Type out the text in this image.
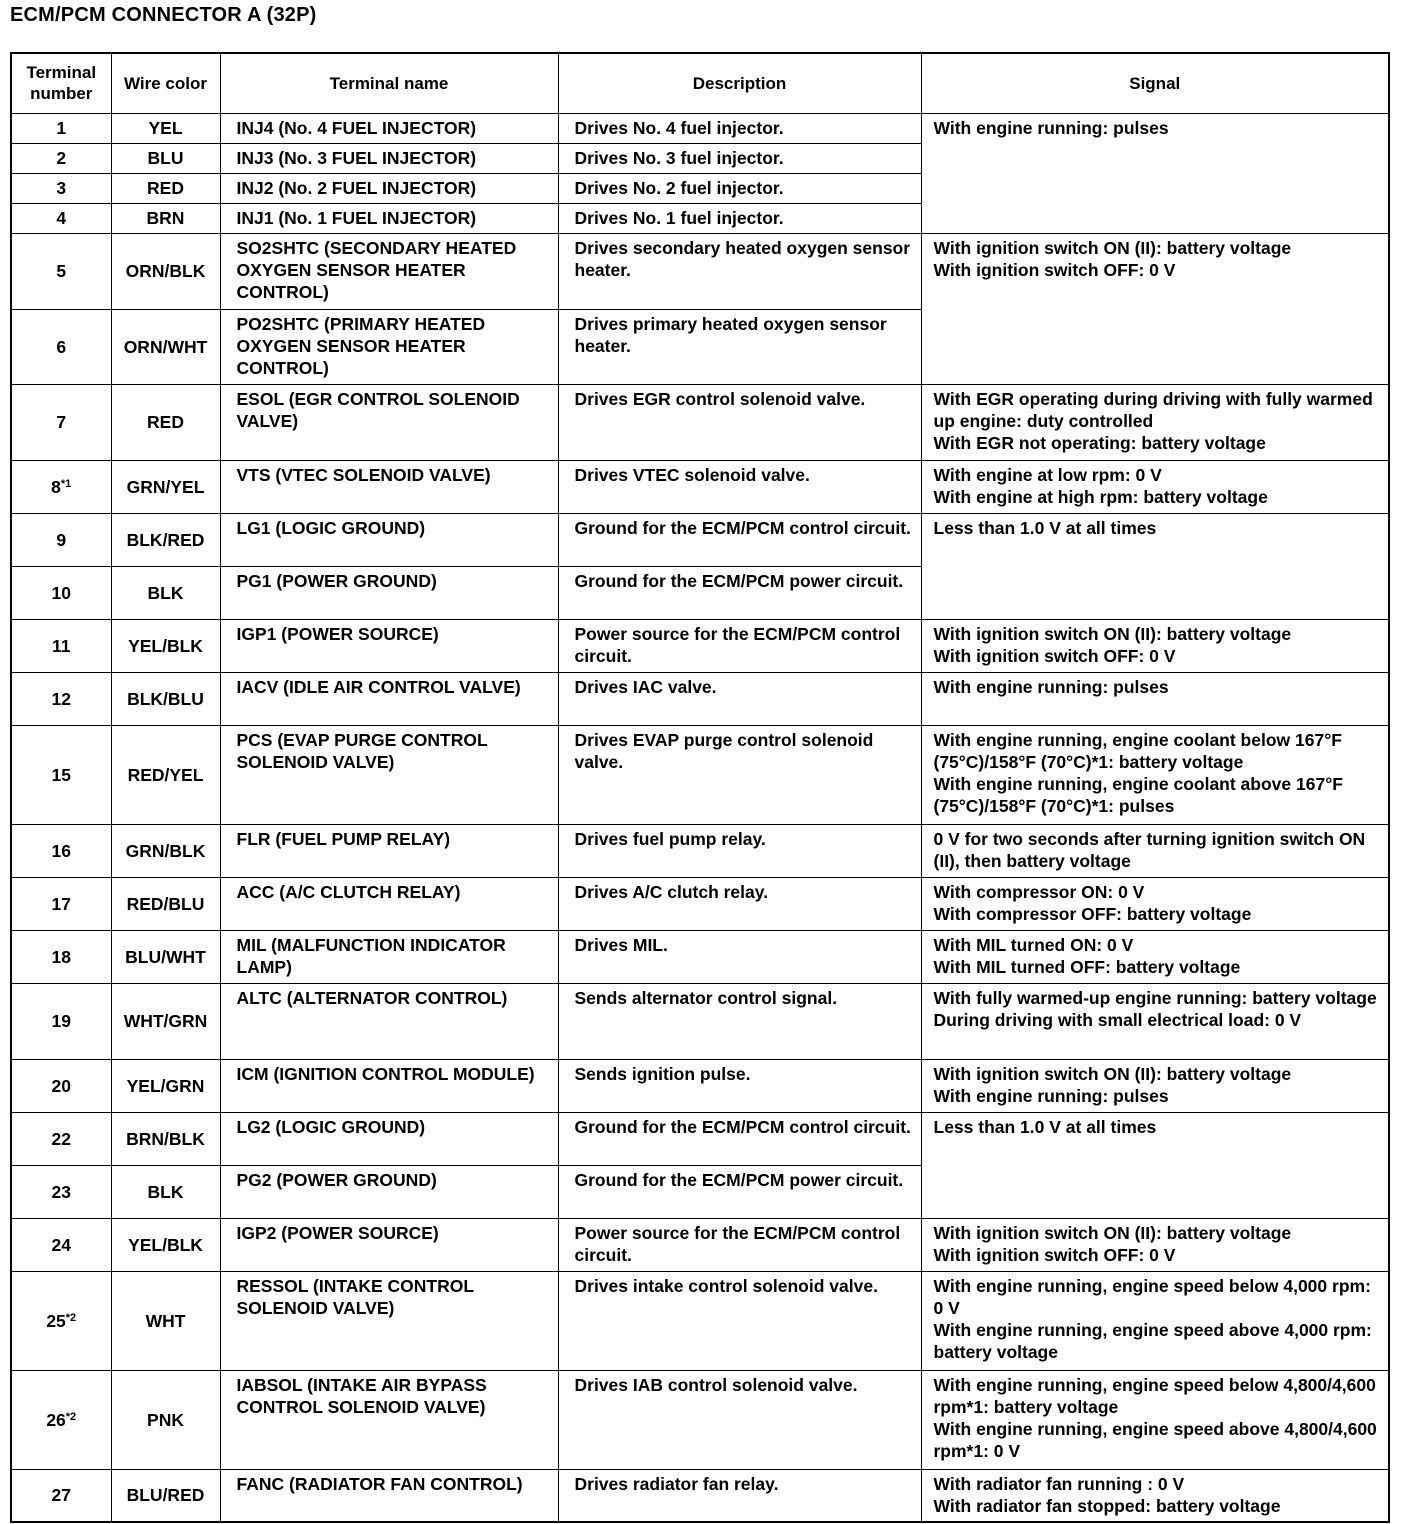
ECM/PCM CONNECTOR A (32P)
Terminal number	Wire color	Terminal name	Description	Signal
1	YEL	INJ4 (No. 4 FUEL INJECTOR)	Drives No. 4 fuel injector.	With engine running: pulses

2	BLU	INJ3 (No. 3 FUEL INJECTOR)	Drives No. 3 fuel injector.	
3	RED	INJ2 (No. 2 FUEL INJECTOR)	Drives No. 2 fuel injector.	
4	BRN	INJ1 (No. 1 FUEL INJECTOR)	Drives No. 1 fuel injector.	
5	ORN/BLK	SO2SHTC (SECONDARY HEATED OXYGEN SENSOR HEATER CONTROL)	Drives secondary heated oxygen sensor heater.	With ignition switch ON (II): battery voltage
With ignition switch OFF: 0 V

6	ORN/WHT	PO2SHTC (PRIMARY HEATED OXYGEN SENSOR HEATER CONTROL)	Drives primary heated oxygen sensor heater.	
7	RED	ESOL (EGR CONTROL SOLENOID VALVE)	Drives EGR control solenoid valve.	With EGR operating during driving with fully warmed up engine: duty controlled
With EGR not operating: battery voltage

8$^{*1}$	GRN/YEL	VTS (VTEC SOLENOID VALVE)	Drives VTEC solenoid valve.	With engine at low rpm: 0 V
With engine at high rpm: battery voltage

9	BLK/RED	LG1 (LOGIC GROUND)	Ground for the ECM/PCM control circuit.	Less than 1.0 V at all times

10	BLK	PG1 (POWER GROUND)	Ground for the ECM/PCM power circuit.	
11	YEL/BLK	IGP1 (POWER SOURCE)	Power source for the ECM/PCM control circuit.	With ignition switch ON (II): battery voltage
With ignition switch OFF: 0 V

12	BLK/BLU	IACV (IDLE AIR CONTROL VALVE)	Drives IAC valve.	With engine running: pulses

15	RED/YEL	PCS (EVAP PURGE CONTROL SOLENOID VALVE)	Drives EVAP purge control solenoid valve.	With engine running, engine coolant below 167°F (75°C)/158°F (70°C)*1: battery voltage
With engine running, engine coolant above 167°F (75°C)/158°F (70°C)*1: pulses

16	GRN/BLK	FLR (FUEL PUMP RELAY)	Drives fuel pump relay.	0 V for two seconds after turning ignition switch ON (II), then battery voltage

17	RED/BLU	ACC (A/C CLUTCH RELAY)	Drives A/C clutch relay.	With compressor ON: 0 V
With compressor OFF: battery voltage

18	BLU/WHT	MIL (MALFUNCTION INDICATOR LAMP)	Drives MIL.	With MIL turned ON: 0 V
With MIL turned OFF: battery voltage

19	WHT/GRN	ALTC (ALTERNATOR CONTROL)	Sends alternator control signal.	With fully warmed-up engine running: battery voltage
During driving with small electrical load: 0 V

20	YEL/GRN	ICM (IGNITION CONTROL MODULE)	Sends ignition pulse.	With ignition switch ON (II): battery voltage
With engine running: pulses

22	BRN/BLK	LG2 (LOGIC GROUND)	Ground for the ECM/PCM control circuit.	Less than 1.0 V at all times

23	BLK	PG2 (POWER GROUND)	Ground for the ECM/PCM power circuit.	
24	YEL/BLK	IGP2 (POWER SOURCE)	Power source for the ECM/PCM control circuit.	With ignition switch ON (II): battery voltage
With ignition switch OFF: 0 V

25$^{*2}$	WHT	RESSOL (INTAKE CONTROL SOLENOID VALVE)	Drives intake control solenoid valve.	With engine running, engine speed below 4,000 rpm: 0 V
With engine running, engine speed above 4,000 rpm: battery voltage

26$^{*2}$	PNK	IABSOL (INTAKE AIR BYPASS CONTROL SOLENOID VALVE)	Drives IAB control solenoid valve.	With engine running, engine speed below 4,800/4,600 rpm*1: battery voltage
With engine running, engine speed above 4,800/4,600 rpm*1: 0 V

27	BLU/RED	FANC (RADIATOR FAN CONTROL)	Drives radiator fan relay.	With radiator fan running : 0 V
With radiator fan stopped: battery voltage
